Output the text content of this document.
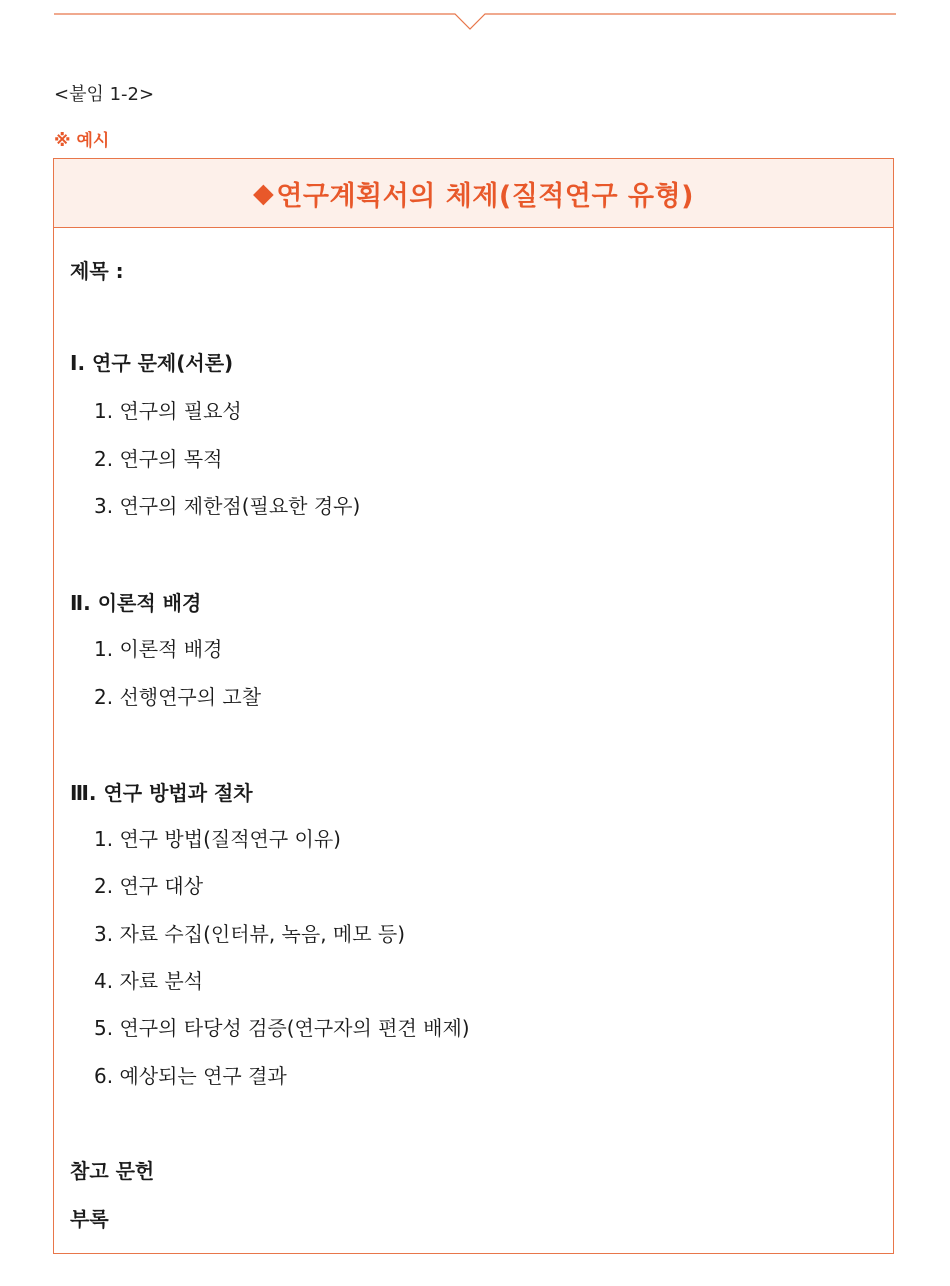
<붙임 1-2>
※ 예시
◆ 연구계획서의 체제(질적연구 유형)
제목 :
Ⅰ. 연구 문제(서론)
1. 연구의 필요성
2. 연구의 목적
3. 연구의 제한점(필요한 경우)
Ⅱ. 이론적 배경
1. 이론적 배경
2. 선행연구의 고찰
Ⅲ. 연구 방법과 절차
1. 연구 방법(질적연구 이유)
2. 연구 대상
3. 자료 수집(인터뷰, 녹음, 메모 등)
4. 자료 분석
5. 연구의 타당성 검증(연구자의 편견 배제)
6. 예상되는 연구 결과
참고 문헌
부록
